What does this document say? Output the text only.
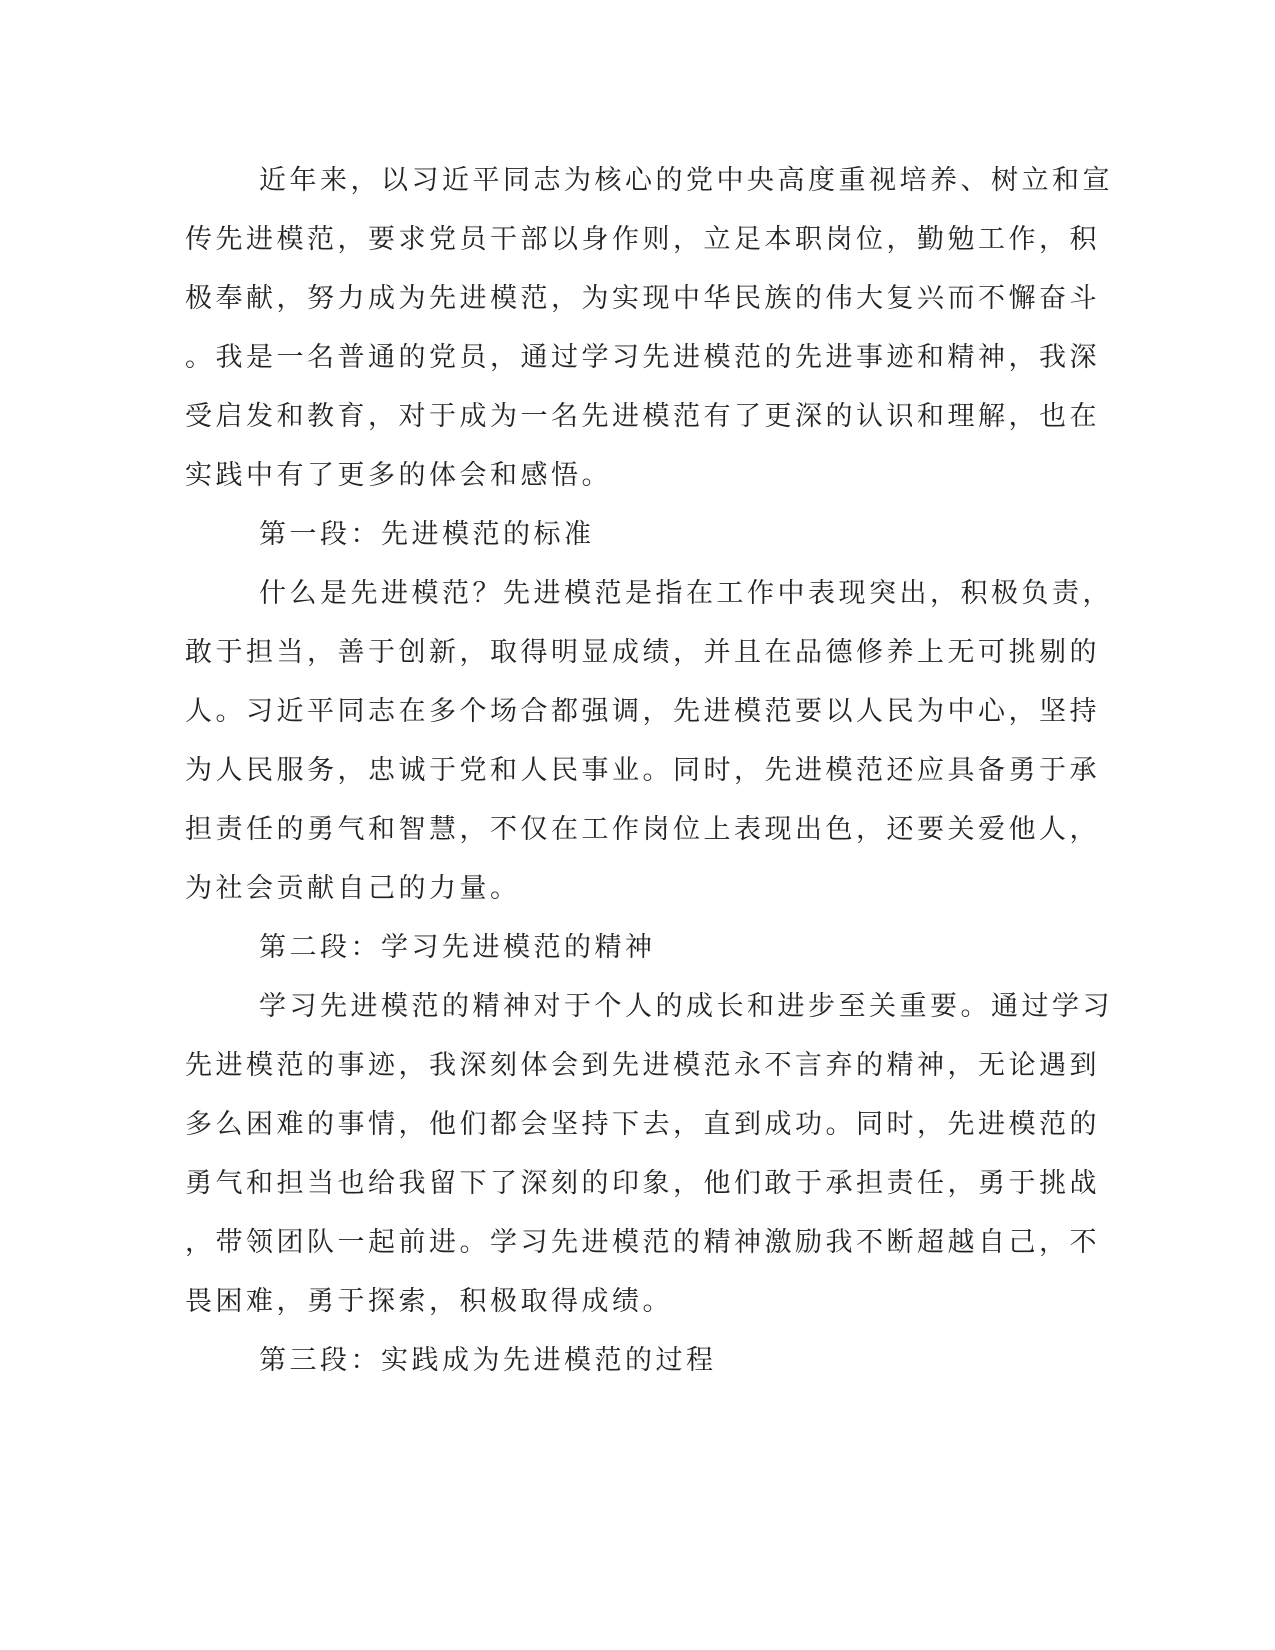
近年来，以习近平同志为核心的党中央高度重视培养、树立和宣
传先进模范，要求党员干部以身作则，立足本职岗位，勤勉工作，积
极奉献，努力成为先进模范，为实现中华民族的伟大复兴而不懈奋斗
。我是一名普通的党员，通过学习先进模范的先进事迹和精神，我深
受启发和教育，对于成为一名先进模范有了更深的认识和理解，也在
实践中有了更多的体会和感悟。
第一段：先进模范的标准
什么是先进模范？先进模范是指在工作中表现突出，积极负责，
敢于担当，善于创新，取得明显成绩，并且在品德修养上无可挑剔的
人。习近平同志在多个场合都强调，先进模范要以人民为中心，坚持
为人民服务，忠诚于党和人民事业。同时，先进模范还应具备勇于承
担责任的勇气和智慧，不仅在工作岗位上表现出色，还要关爱他人，
为社会贡献自己的力量。
第二段：学习先进模范的精神
学习先进模范的精神对于个人的成长和进步至关重要。通过学习
先进模范的事迹，我深刻体会到先进模范永不言弃的精神，无论遇到
多么困难的事情，他们都会坚持下去，直到成功。同时，先进模范的
勇气和担当也给我留下了深刻的印象，他们敢于承担责任，勇于挑战
，带领团队一起前进。学习先进模范的精神激励我不断超越自己，不
畏困难，勇于探索，积极取得成绩。
第三段：实践成为先进模范的过程
